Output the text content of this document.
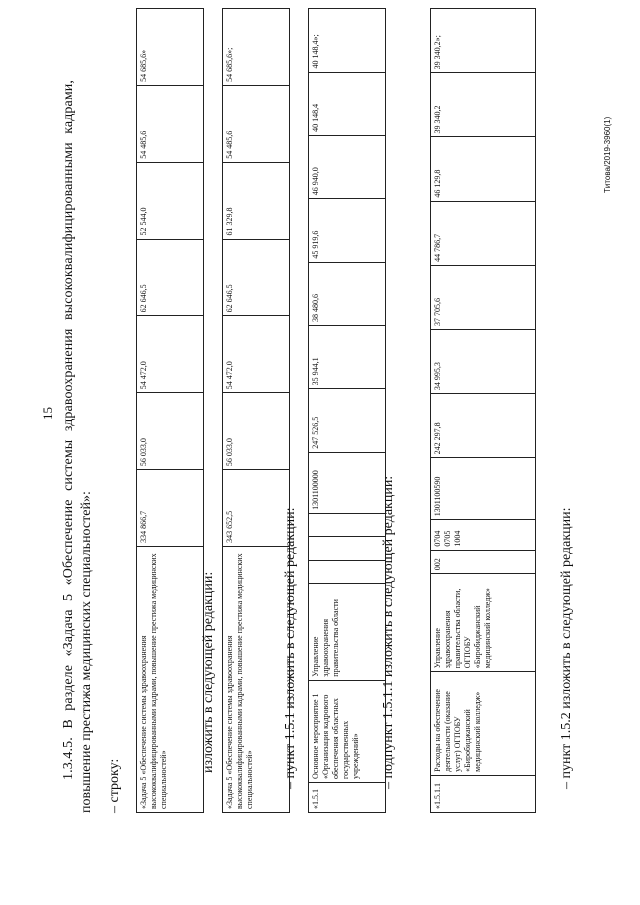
15
Tитова/2019-3960(1)
1.3.4.5. В разделе «Задача 5 «Обеспечение системы здравоохранения высококвалифицированными кадрами, повышение престижа медицинских специальностей»: – строку: «Задача 5 «Обеспечение системы здравоохранения высококвалифицированными кадрами, повышение престижа медицинских специальностей»	334 866,7	56 033,0	54 472,0	62 646,5	52 544,0	54 485,6	54 685,6»
изложить в следующей редакции: «Задача 5 «Обеспечение системы здравоохранения высококвалифицированными кадрами, повышение престижа медицинских специальностей»	343 652,5	56 033,0	54 472,0	62 646,5	61 329,8	54 485,6	54 685,6»;
– пункт 1.5.1 изложить в следующей редакции:
«1.5.1	Основное мероприятие 1 «Организация кадрового обеспечения областных государственных учреждений»	Управление здравоохранения правительства области				1301100000	247 526,5	35 944,1	38 480,6	45 919,6	46 940,0	40 148,4	40 148,4»;
– подпункт 1.5.1.1 изложить в следующей редакции:
«1.5.1.1	Расходы на обеспечение деятельности (оказание услуг) ОГПОБУ «Биробиджанский медицинский колледж»	Управление здравоохранения правительства области, ОГПОБУ «Биробиджанский медицинский колледж»	002	0704 0705 1004	1301100590	242 297,8	34 995,3	37 705,6	44 786,7	46 129,8	39 340,2	39 340,2»;
– пункт 1.5.2 изложить в следующей редакции:
